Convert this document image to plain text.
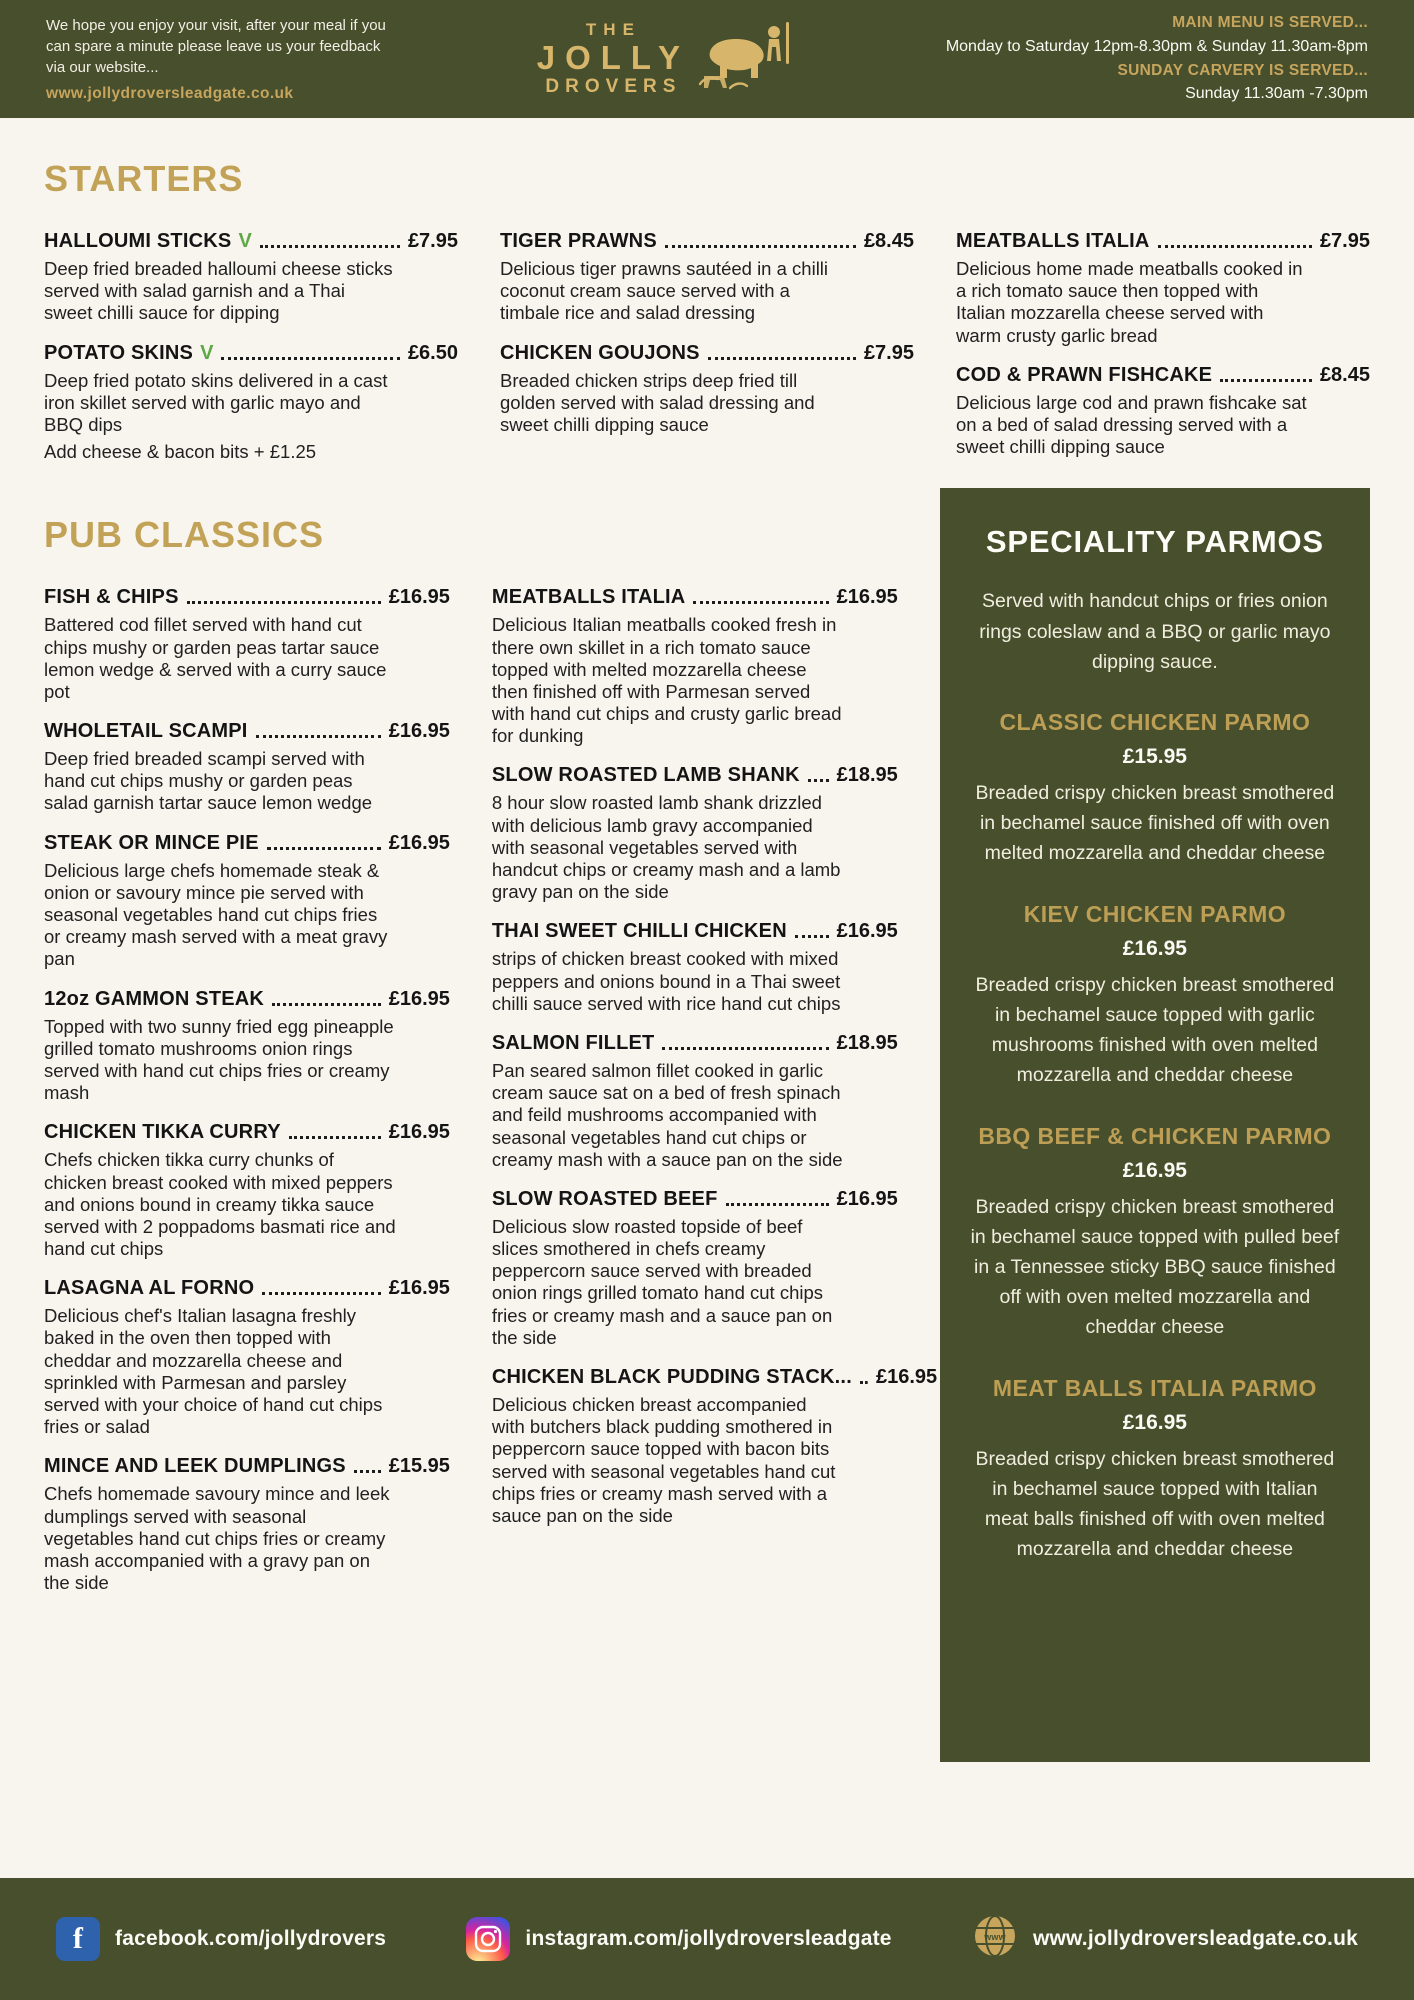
We hope you enjoy your visit, after your meal if you can spare a minute please leave us your feedback via our website...
www.jollydroversleadgate.co.uk
THE
JOLLY
DROVERS
MAIN MENU IS SERVED...
Monday to Saturday 12pm-8.30pm & Sunday 11.30am-8pm
SUNDAY CARVERY IS SERVED...
Sunday 11.30am -7.30pm
STARTERS
HALLOUMI STICKS V	£7.95
Deep fried breaded halloumi cheese sticks served with salad garnish and a Thai sweet chilli sauce for dipping
POTATO SKINS V	£6.50
Deep fried potato skins delivered in a cast iron skillet served with garlic mayo and BBQ dips
Add cheese & bacon bits + £1.25
TIGER PRAWNS	£8.45
Delicious tiger prawns sautéed in a chilli coconut cream sauce served with a timbale rice and salad dressing
CHICKEN GOUJONS	£7.95
Breaded chicken strips deep fried till golden served with salad dressing and sweet chilli dipping sauce
MEATBALLS ITALIA	£7.95
Delicious home made meatballs cooked in a rich tomato sauce then topped with Italian mozzarella cheese served with warm crusty garlic bread
COD & PRAWN FISHCAKE	£8.45
Delicious large cod and prawn fishcake sat on a bed of salad dressing served with a sweet chilli dipping sauce
PUB CLASSICS	SPECIALITY PARMOS
Served with handcut chips or fries onion rings coleslaw and a BBQ or garlic mayo dipping sauce.
CLASSIC CHICKEN PARMO
£15.95
Breaded crispy chicken breast smothered in bechamel sauce finished off with oven melted mozzarella and cheddar cheese
KIEV CHICKEN PARMO
£16.95
Breaded crispy chicken breast smothered in bechamel sauce topped with garlic mushrooms finished with oven melted mozzarella and cheddar cheese
BBQ BEEF & CHICKEN PARMO
£16.95
Breaded crispy chicken breast smothered in bechamel sauce topped with pulled beef in a Tennessee sticky BBQ sauce finished off with oven melted mozzarella and cheddar cheese
MEAT BALLS ITALIA PARMO
£16.95
Breaded crispy chicken breast smothered in bechamel sauce topped with Italian meat balls finished off with oven melted mozzarella and cheddar cheese
FISH & CHIPS	£16.95
Battered cod fillet served with hand cut chips mushy or garden peas tartar sauce lemon wedge & served with a curry sauce pot
WHOLETAIL SCAMPI	£16.95
Deep fried breaded scampi served with hand cut chips mushy or garden peas salad garnish tartar sauce lemon wedge
STEAK OR MINCE PIE	£16.95
Delicious large chefs homemade steak & onion or savoury mince pie served with seasonal vegetables hand cut chips fries or creamy mash served with a meat gravy pan
12oz GAMMON STEAK	£16.95
Topped with two sunny fried egg pineapple grilled tomato mushrooms onion rings served with hand cut chips fries or creamy mash
CHICKEN TIKKA CURRY	£16.95
Chefs chicken tikka curry chunks of chicken breast cooked with mixed peppers and onions bound in creamy tikka sauce served with 2 poppadoms basmati rice and hand cut chips
LASAGNA AL FORNO	£16.95
Delicious chef's Italian lasagna freshly baked in the oven then topped with cheddar and mozzarella cheese and sprinkled with Parmesan and parsley served with your choice of hand cut chips fries or salad
MINCE AND LEEK DUMPLINGS £15.95
Chefs homemade savoury mince and leek dumplings served with seasonal vegetables hand cut chips fries or creamy mash accompanied with a gravy pan on the side
MEATBALLS ITALIA	£16.95
Delicious Italian meatballs cooked fresh in there own skillet in a rich tomato sauce topped with melted mozzarella cheese then finished off with Parmesan served with hand cut chips and crusty garlic bread for dunking
SLOW ROASTED LAMB SHANK £18.95
8 hour slow roasted lamb shank drizzled with delicious lamb gravy accompanied with seasonal vegetables served with handcut chips or creamy mash and a lamb gravy pan on the side
THAI SWEET CHILLI CHICKEN £16.95
strips of chicken breast cooked with mixed peppers and onions bound in a Thai sweet chilli sauce served with rice hand cut chips
SALMON FILLET	£18.95
Pan seared salmon fillet cooked in garlic cream sauce sat on a bed of fresh spinach and feild mushrooms accompanied with seasonal vegetables hand cut chips or creamy mash with a sauce pan on the side
SLOW ROASTED BEEF	£16.95
Delicious slow roasted topside of beef slices smothered in chefs creamy peppercorn sauce served with breaded onion rings grilled tomato hand cut chips fries or creamy mash and a sauce pan on the side
CHICKEN BLACK PUDDING STACK... £16.95
Delicious chicken breast accompanied with butchers black pudding smothered in peppercorn sauce topped with bacon bits served with seasonal vegetables hand cut chips fries or creamy mash served with a sauce pan on the side
f	facebook.com/jollydrovers	instagram.com/jollydroversleadgate	www www.jollydroversleadgate.co.uk
